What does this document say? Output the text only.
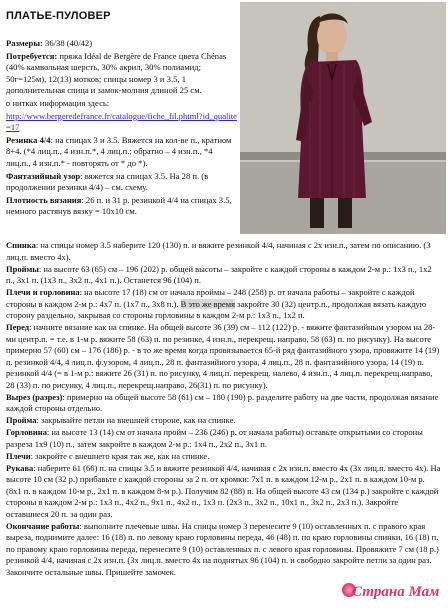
ПЛАТЬЕ-ПУЛОВЕР

Размеры: 36/38 (40/42)

Потребуется: пряжа Idéal de Bergère de France цвета Chénas (40% камвольная шерсть, 30% акрил, 30% полиамид; 50г=125м), 12(13) мотков; спицы номер 3 и 3.5, 1 дополнительная спица и замок-молния длиной 25 см.

о нитках информация здесь:

http://www.bergeredefrance.fr/catalogue/fiche_fil.phtml?id_qualite=17

Резинка 4/4: на спицах 3 и 3.5. Вяжется на кол-ве п., кратном 8+4. (*4 лиц.п., 4 изн.п.*, 4 лиц.п.; обратно – 4 изн.п., *4 лиц.п., 4 изн.п.* - повторять от * до *).

Фантазийный узор: вяжется на спицах 3.5. На 28 п. (в продолжении резинки 4/4) – см. схему.

Плотность вязания: 26 п. и 31 р. резинкой 4/4 на спицах 3.5, немного растянув вязку = 10x10 см.

Спинка: на спицы номер 3.5 наберите 120 (130) п. и вяжите резинкой 4/4, начиная с 2х изн.п., затем по описанию. (3 лиц.п. вместо 4х).

Проймы: на высоте 63 (65) см – 196 (202) р. общей высоты – закройте с каждой стороны в каждом 2-м р.: 1x3 п., 1x2 п., 3x1 п. (1x3 п., 3x2 п., 4x1 п.). Останется 96 (104) п.

Плечи и горловина: на высоте 17 (18) см от начала проймы – 248 (258) р. от начала работы – закройте с каждой стороны в каждом 2-м р.: 4x7 п. (1x7 п., 3x8 п.). В это же время закройте 30 (32) центр.п., продолжая вязать каждую сторону раздельно, закрывая со стороны горловины в каждом 2-м р.: 1x3 п., 1x2 п.

Перед: начните вязание как на спинке. На общей высоте 36 (39) см – 112 (122) р. - вяжите фантазийным узором на 28-ми центр.п. = т.е. в 1-м р. вяжите 58 (63) п. по резинке, 4 изн.п., перекрещ. направо, 58 (63) п. по рисунку). На высоте примерно 57 (60) см – 176 (186) р. - в то же время когда провязывается 65-й ряд фантазийного узора, провяжите 14 (19) п. резинкой 4/4, 4 лиц.п. ф.узором, 4 лиц.п., 28 п. фантазийного узора, 4 лиц.п., 28 п. фантазийного узора, 14 (19) п. резинкой 4/4 (= в 1-м р.: вяжите 26 (31) п. по рисунку, 4 лиц.п. перекрещ. налево, 4 изн.п., 4 лиц.п. перекрещ.направо, 28 (33) п. по рисунку, 4 лиц.п., перекрещ.направо, 26(31) п. по рисунку).

Вырез (разрез): примерно на общей высоте 58 (61) см – 180 (190) р. разделите работу на две части, продолжая вязание каждой стороны отдельно.

Пройма: закрывайте петли на внешней стороне, как на спинке.

Горловина: на высоте 13 (14) см от начала пройм – 236 (246) р. от начала работы) оставьте открытыми со стороны разреза 1x9 (10) п., затем закройте в каждом 2-м р.: 1x4 п., 2x2 п., 3x1 п.

Плечи: закройте с внешнего края так же, как на спинке.

Рукава: наберите 61 (66) п. на спицы 3.5 и вяжите резинкой 4/4, начиная с 2х изн.п. вместо 4х (3х лиц.п. вместо 4х). На высоте 10 см (32 р.) прибавьте с каждой стороны за 2 п. от кромки: 7x1 п. в каждом 12-м р., 2x1 п. в каждом 10-м р. (8x1 п. в каждом 10-м р., 2x1 п. в каждом 8-м р.). Получим 82 (88) п. На общей высоте 43 см (134 р.) закройте с каждой стороны в каждом 2-м р.: 1x3 п., 4x2 п., 9x1 п., 4x2 п., 1x3 п. (2x3 п., 3x2 п., 10x1 п., 3x2 п., 2x3 п.). Закройте оставшиеся 20 п. за один раз.

Окончание работы: выполните плечевые швы. На спицы номер 3 перенесите 9 (10) оставленных п. с правого края выреза, поднимите далее: 16 (18) п. по левому краю горловины переда, 46 (48) п. по краю горловины спинки, 16 (18) п. по правому краю горловины переда, перенесите 9 (10) оставленных п. с левого края горловины. Провяжите 7 см (18 р.) резинкой 4/4, начиная с 2х изн.п. (3х лиц.п. вместо 4х на поднятых 96 (104) п. и свободно закройте петли за один раз. Закончите остальные швы. Пришейте замочек.

Страна Мам
